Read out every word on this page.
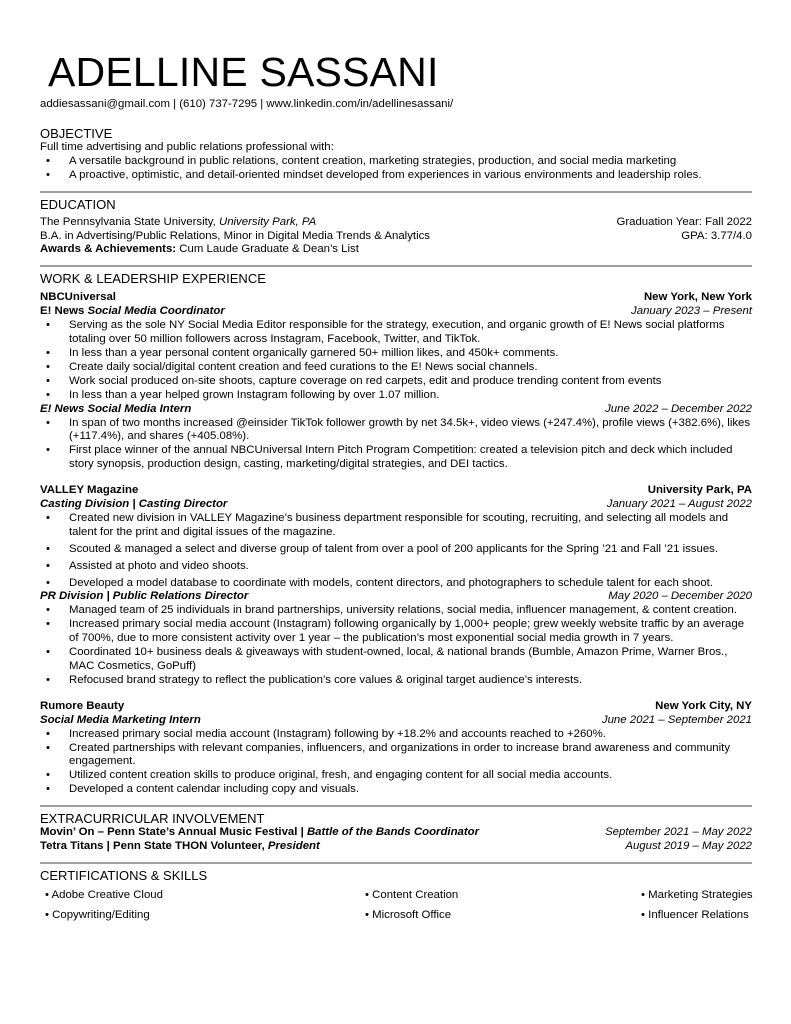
ADELLINE SASSANI
addiesassani@gmail.com | (610) 737-7295 | www.linkedin.com/in/adellinesassani/
OBJECTIVE
Full time advertising and public relations professional with:
• A versatile background in public relations, content creation, marketing strategies, production, and social media marketing
• A proactive, optimistic, and detail-oriented mindset developed from experiences in various environments and leadership roles.
EDUCATION
The Pennsylvania State University, University Park, PA	Graduation Year: Fall 2022
B.A. in Advertising/Public Relations, Minor in Digital Media Trends & Analytics	GPA: 3.77/4.0
Awards & Achievements: Cum Laude Graduate & Dean’s List
WORK & LEADERSHIP EXPERIENCE
NBCUniversal	New York, New York
E! News Social Media Coordinator	January 2023 – Present
• Serving as the sole NY Social Media Editor responsible for the strategy, execution, and organic growth of E! News social platforms totaling over 50 million followers across Instagram, Facebook, Twitter, and TikTok.
• In less than a year personal content organically garnered 50+ million likes, and 450k+ comments.
• Create daily social/digital content creation and feed curations to the E! News social channels.
• Work social produced on-site shoots, capture coverage on red carpets, edit and produce trending content from events
• In less than a year helped grown Instagram following by over 1.07 million.
E! News Social Media Intern	June 2022 – December 2022
• In span of two months increased @einsider TikTok follower growth by net 34.5k+, video views (+247.4%), profile views (+382.6%), likes (+117.4%), and shares (+405.08%).
• First place winner of the annual NBCUniversal Intern Pitch Program Competition: created a television pitch and deck which included story synopsis, production design, casting, marketing/digital strategies, and DEI tactics.
VALLEY Magazine	University Park, PA
Casting Division | Casting Director	January 2021 – August 2022
• Created new division in VALLEY Magazine’s business department responsible for scouting, recruiting, and selecting all models and talent for the print and digital issues of the magazine.
• Scouted & managed a select and diverse group of talent from over a pool of 200 applicants for the Spring ’21 and Fall ’21 issues.
• Assisted at photo and video shoots.
• Developed a model database to coordinate with models, content directors, and photographers to schedule talent for each shoot.
PR Division | Public Relations Director	May 2020 – December 2020
• Managed team of 25 individuals in brand partnerships, university relations, social media, influencer management, & content creation.
• Increased primary social media account (Instagram) following organically by 1,000+ people; grew weekly website traffic by an average of 700%, due to more consistent activity over 1 year – the publication’s most exponential social media growth in 7 years.
• Coordinated 10+ business deals & giveaways with student-owned, local, & national brands (Bumble, Amazon Prime, Warner Bros., MAC Cosmetics, GoPuff)
• Refocused brand strategy to reflect the publication’s core values & original target audience’s interests.
Rumore Beauty	New York City, NY
Social Media Marketing Intern	June 2021 – September 2021
• Increased primary social media account (Instagram) following by +18.2% and accounts reached to +260%.
• Created partnerships with relevant companies, influencers, and organizations in order to increase brand awareness and community engagement.
• Utilized content creation skills to produce original, fresh, and engaging content for all social media accounts.
• Developed a content calendar including copy and visuals.
EXTRACURRICULAR INVOLVEMENT
Movin’ On – Penn State’s Annual Music Festival | Battle of the Bands Coordinator	September 2021 – May 2022
Tetra Titans | Penn State THON Volunteer, President	August 2019 – May 2022
CERTIFICATIONS & SKILLS
• Adobe Creative Cloud	• Content Creation	• Marketing Strategies
• Copywriting/Editing	• Microsoft Office	• Influencer Relations
